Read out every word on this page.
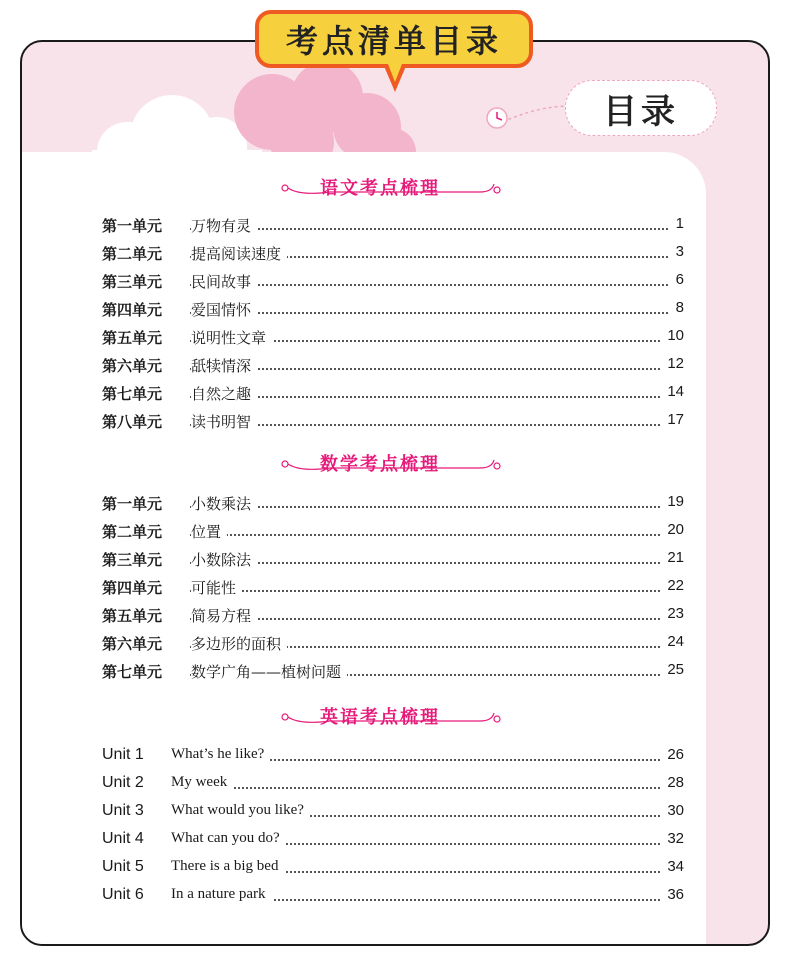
考点清单目录
目录
语文考点梳理
第一单元 万物有灵	1
第二单元 提高阅读速度	3
第三单元 民间故事	6
第四单元 爱国情怀	8
第五单元 说明性文章	10
第六单元 舐犊情深	12
第七单元 自然之趣	14
第八单元 读书明智	17
数学考点梳理
第一单元 小数乘法	19
第二单元 位置	20
第三单元 小数除法	21
第四单元 可能性	22
第五单元 简易方程	23
第六单元 多边形的面积	24
第七单元 数学广角——植树问题	25
英语考点梳理
Unit 1 What’s he like?	26
Unit 2 My week	28
Unit 3 What would you like?	30
Unit 4 What can you do?	32
Unit 5 There is a big bed	34
Unit 6 In a nature park	36
